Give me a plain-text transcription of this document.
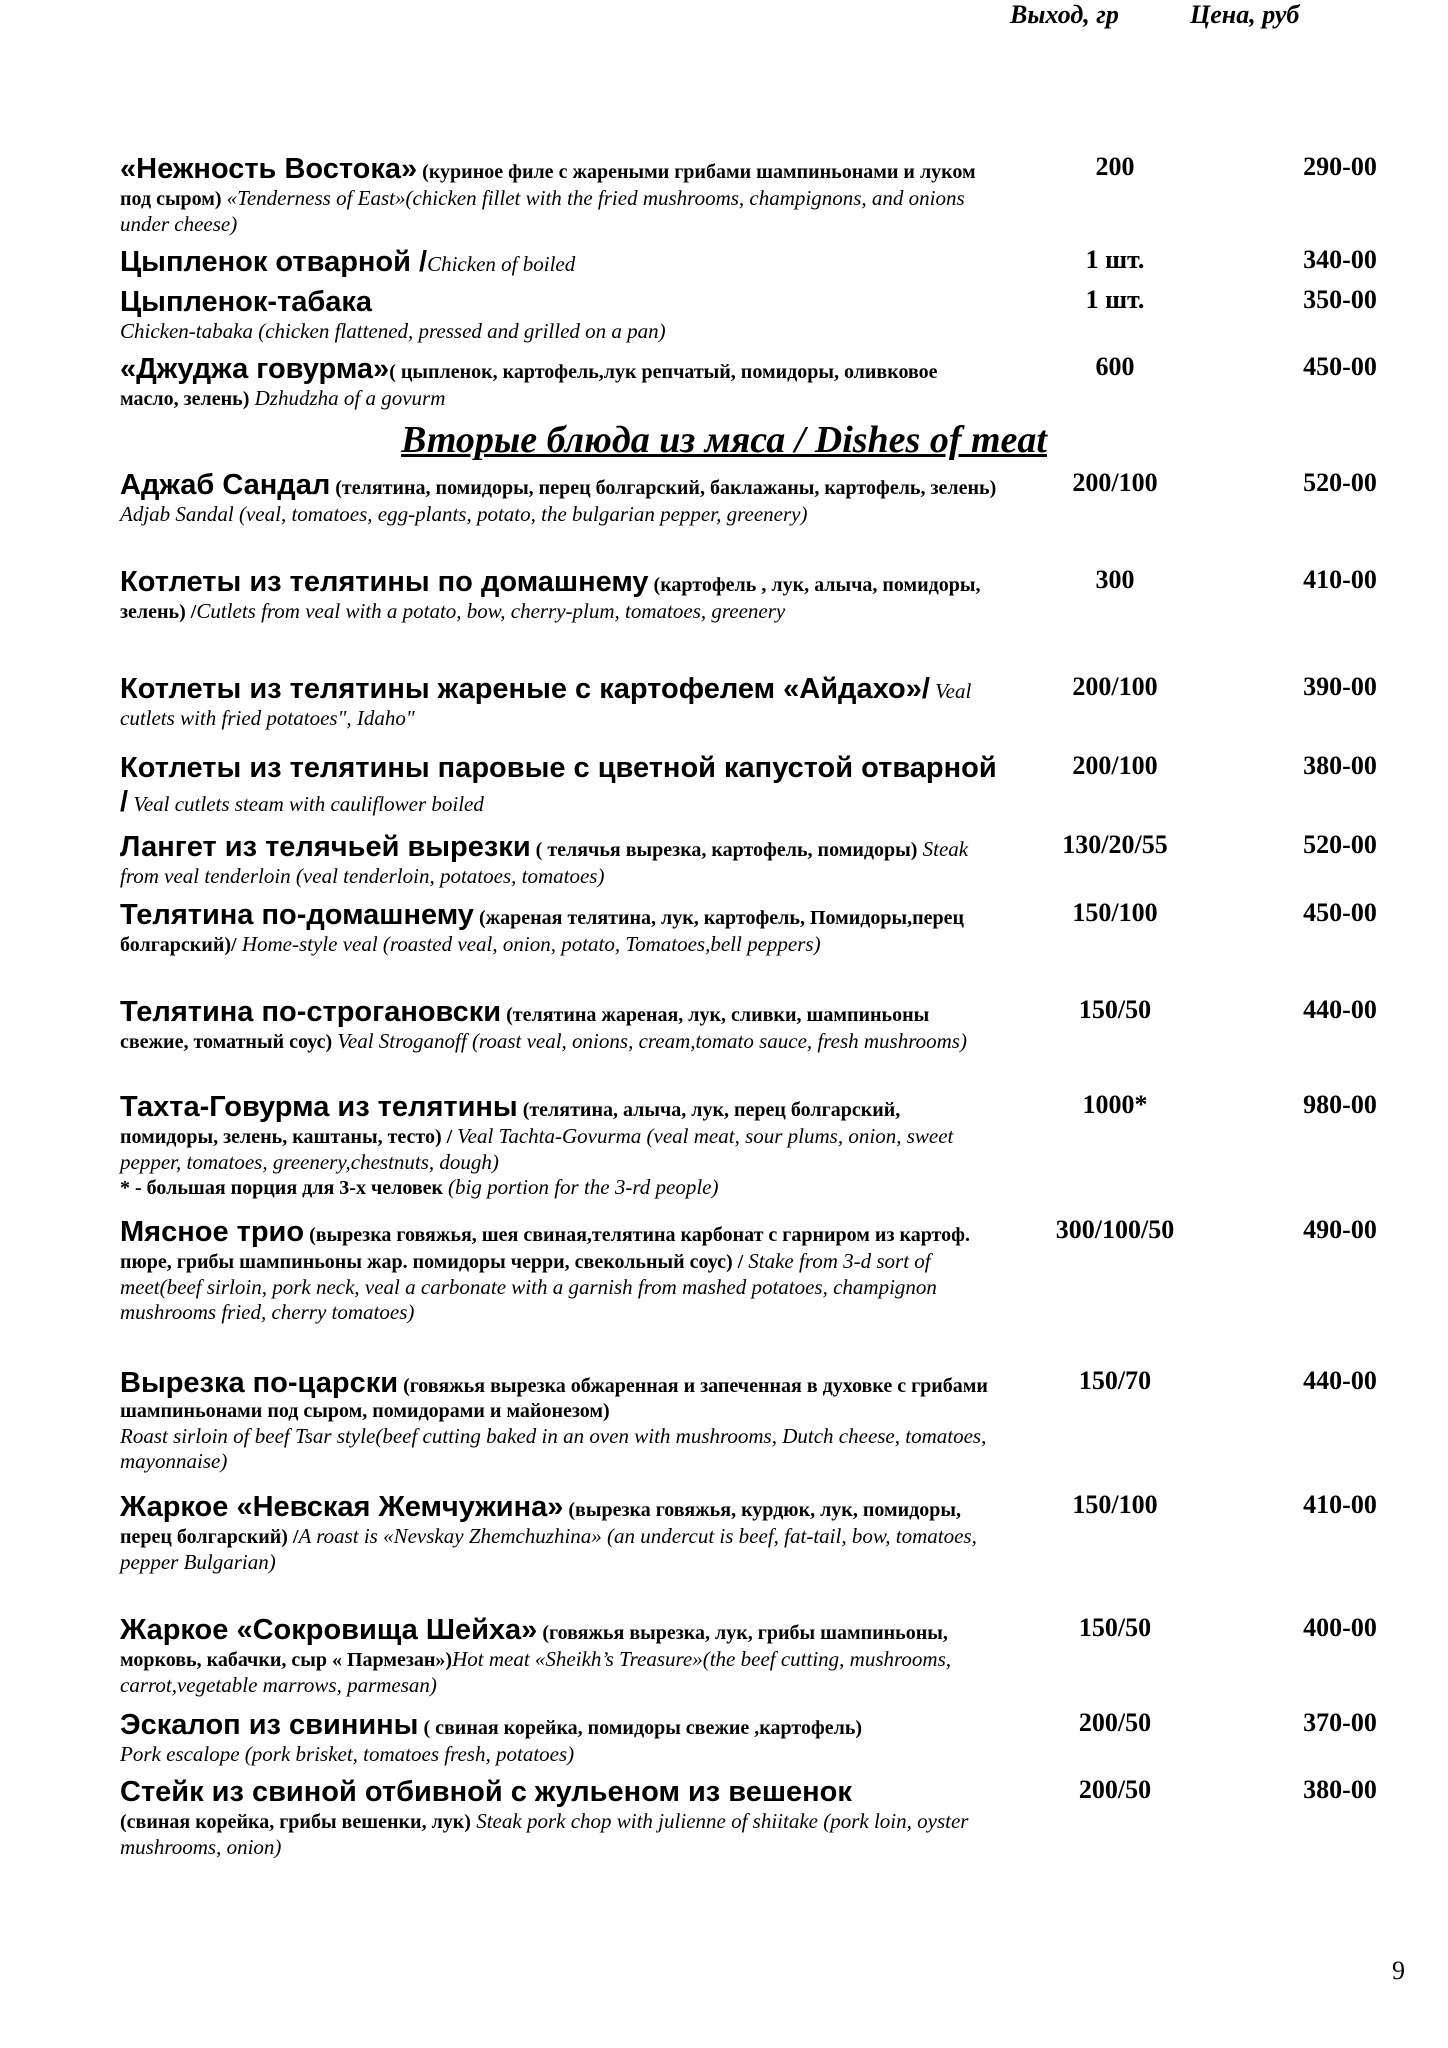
Выход, гр	Цена, руб
«Нежность Востока» (куриное филе с жареными грибами шампиньонами и луком под сыром) «Tenderness of East»(chicken fillet with the fried mushrooms, champignons, and onions under cheese)
200	290-00
Цыпленок отварной /Chicken of boiled	1 шт.	340-00
Цыпленок-табака
Chicken-tabaka (chicken flattened, pressed and grilled on a pan)
1 шт.	350-00
«Джуджа говурма»( цыпленок, картофель,лук репчатый, помидоры, оливковое масло, зелень) Dzhudzha of a govurm
600	450-00
Вторые блюда из мяса / Dishes of meat
Аджаб Сандал (телятина, помидоры, перец болгарский, баклажаны, картофель, зелень)
Adjab Sandal (veal, tomatoes, egg-plants, potato, the bulgarian pepper, greenery)
200/100	520-00
Котлеты из телятины по домашнему (картофель , лук, алыча, помидоры, зелень) /Cutlets from veal with a potato, bow, cherry-plum, tomatoes, greenery
300	410-00
Котлеты из телятины жареные с картофелем «Айдахо»/ Veal cutlets with fried potatoes", Idaho"
200/100	390-00
Котлеты из телятины паровые с цветной капустой отварной / Veal cutlets steam with cauliflower boiled
200/100	380-00
Лангет из телячьей вырезки ( телячья вырезка, картофель, помидоры) Steak from veal tenderloin (veal tenderloin, potatoes, tomatoes)
130/20/55	520-00
Телятина по-домашнему (жареная телятина, лук, картофель, Помидоры,перец болгарский)/ Home-style veal (roasted veal, onion, potato, Tomatoes,bell peppers)
150/100	450-00
Телятина по-строгановски (телятина жареная, лук, сливки, шампиньоны свежие, томатный соус) Veal Stroganoff (roast veal, onions, cream,tomato sauce, fresh mushrooms)
150/50	440-00
Тахта-Говурма из телятины (телятина, алыча, лук, перец болгарский, помидоры, зелень, каштаны, тесто) / Veal Tachta-Govurma (veal meat, sour plums, onion, sweet pepper, tomatoes, greenery,chestnuts, dough)
* - большая порция для 3-х человек (big portion for the 3-rd people)
1000*	980-00
Мясное трио (вырезка говяжья, шея свиная,телятина карбонат с гарниром из картоф. пюре, грибы шампиньоны жар. помидоры черри, свекольный соус) / Stake from 3-d sort of meet(beef sirloin, pork neck, veal a carbonate with a garnish from mashed potatoes, champignon mushrooms fried, cherry tomatoes)
300/100/50	490-00
Вырезка по-царски (говяжья вырезка обжаренная и запеченная в духовке с грибами шампиньонами под сыром, помидорами и майонезом)
Roast sirloin of beef Tsar style(beef cutting baked in an oven with mushrooms, Dutch cheese, tomatoes, mayonnaise)
150/70	440-00
Жаркое «Невская Жемчужина» (вырезка говяжья, курдюк, лук, помидоры, перец болгарский) /A roast is «Nevskay Zhemchuzhina» (an undercut is beef, fat-tail, bow, tomatoes, pepper Bulgarian)
150/100	410-00
Жаркое «Сокровища Шейха» (говяжья вырезка, лук, грибы шампиньоны, морковь, кабачки, сыр « Пармезан»)Hot meat «Sheikh’s Treasure»(the beef cutting, mushrooms, carrot,vegetable marrows, parmesan)
150/50	400-00
Эскалоп из свинины ( свиная корейка, помидоры свежие ,картофель)
Pork escalope (pork brisket, tomatoes fresh, potatoes)
200/50	370-00
Стейк из свиной отбивной с жульеном из вешенок
(свиная корейка, грибы вешенки, лук) Steak pork chop with julienne of shiitake (pork loin, oyster mushrooms, onion)
200/50	380-00
9
